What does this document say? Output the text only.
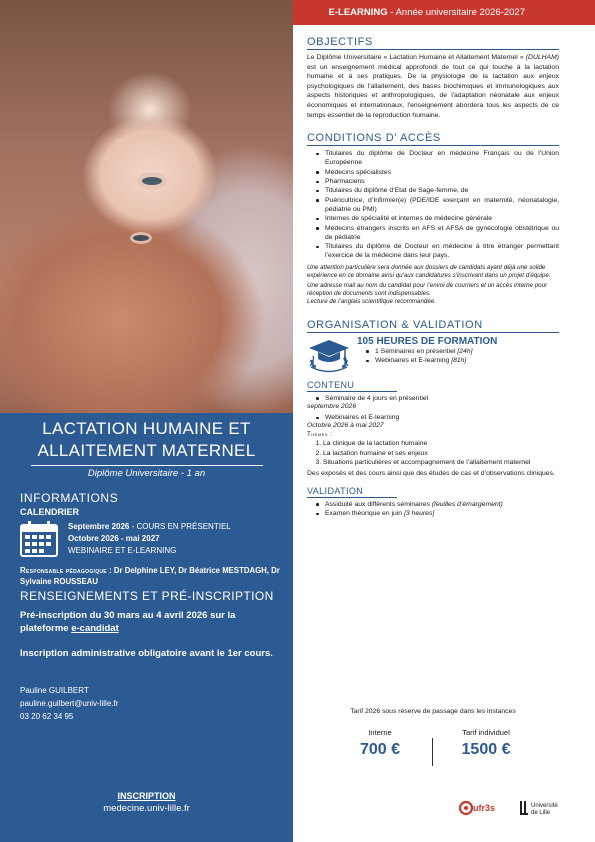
LACTATION HUMAINE ET
ALLAITEMENT MATERNEL
Diplôme Universitaire - 1 an
INFORMATIONS
CALENDRIER
Septembre 2026 - COURS EN PRÉSENTIEL
Octobre 2026 - mai 2027
WEBINAIRE ET E-LEARNING
Responsable pédagogique : Dr Delphine LEY, Dr Béatrice MESTDAGH, Dr Sylvaine ROUSSEAU
RENSEIGNEMENTS ET PRÉ-INSCRIPTION
Pré-inscription du 30 mars au 4 avril 2026 sur la plateforme e-candidat
Inscription administrative obligatoire avant le 1er cours.
Pauline GUILBERT
pauline.guilbert@univ-lille.fr
03 20 62 34 95
INSCRIPTION
medecine.univ-lille.fr
E-LEARNING - Année universitaire 2026-2027
OBJECTIFS
Le Diplôme Universitaire « Lactation Humaine et Allaitement Maternel » (DULHAM) est un enseignement médical approfondi de tout ce qui touche à la lactation humaine et à ses pratiques. De la physiologie de la lactation aux enjeux psychologiques de l'allaitement, des bases biochimiques et immunologiques aux aspects historiques et anthropologiques, de l'adaptation néonatale aux enjeux économiques et internationaux, l'enseignement abordera tous les aspects de ce temps essentiel de la reproduction humaine.
CONDITIONS D’ ACCÈS
Titulaires du diplôme de Docteur en médecine Français ou de l’Union Européenne
Médecins spécialistes
Pharmaciens
Titulaires du diplôme d’Etat de Sage-femme, de
Puéricultrice, d’Infirmier(e) (PDE/IDE exerçant en maternité, néonatalogie, pédiatrie ou PMI)
Internes de spécialité et internes de médecine générale
Médecins étrangers inscrits en AFS et AFSA de gynécologie obstétrique ou de pédiatrie
Titulaires du diplôme de Docteur en médecine à titre étranger permettant l’exercice de la médecine dans leur pays.
Une attention particulière sera donnée aux dossiers de candidats ayant déjà une solide expérience en ce domaine ainsi qu'aux candidatures s'inscrivant dans un projet d'équipe.
Une adresse mail au nom du candidat pour l’envoi de courriers et un accès interne pour réception de documents sont indispensables.
Lecture de l’anglais scientifique recommandée.
ORGANISATION & VALIDATION
105 HEURES DE FORMATION
1 Séminaires en présentiel [24h]
Webinaires et E-learning [81h]
CONTENU
Séminaire de 4 jours en présentiel
septembre 2026
Webinaires et E-learning
Octobre 2026 à mai 2027
Thèmes :
1. La clinique de la lactation humaine
2. La lactation humaine et ses enjeux
3. Situations particulières et accompagnement de l’allaitement maternel
Des exposés et des cours ainsi que des études de cas et d’observations cliniques.
VALIDATION
Assiduité aux différents séminaires (feuilles d’émargement)
Examen théorique en juin [3 heures]
Tarif 2026 sous réserve de passage dans les instances
Interne
700 €
Tarif individuel
1500 €
ufr3s	Université
de Lille
